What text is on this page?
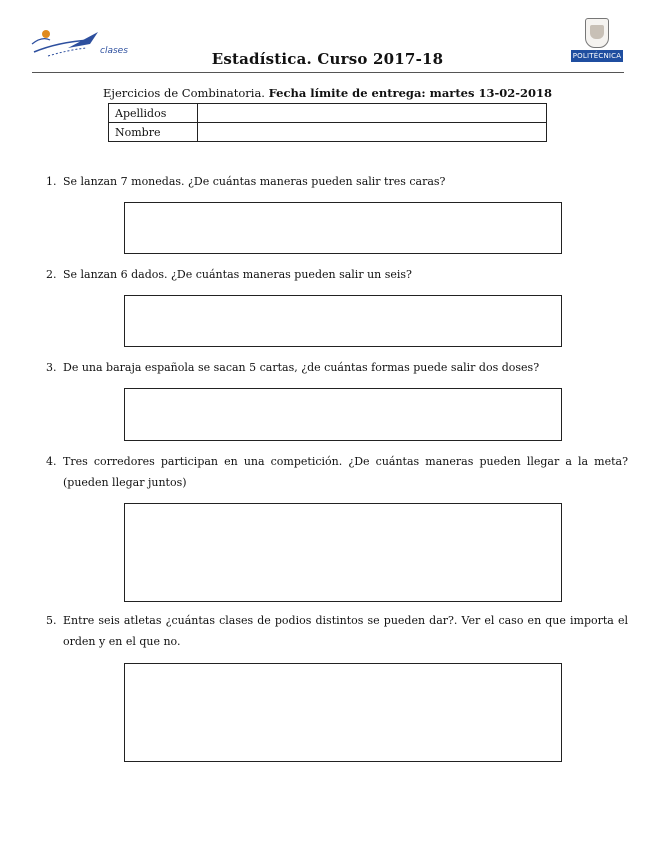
clases	Estadística. Curso 2017-18	POLITÉCNICA
Ejercicios de Combinatoria. Fecha límite de entrega: martes 13-02-2018
Apellidos	
Nombre	
1. Se lanzan 7 monedas. ¿De cuántas maneras pueden salir tres caras?
2. Se lanzan 6 dados. ¿De cuántas maneras pueden salir un seis?
3. De una baraja española se sacan 5 cartas, ¿de cuántas formas puede salir dos doses?
4. Tres corredores participan en una competición. ¿De cuántas maneras pueden llegar a la meta? (pueden llegar juntos)
5. Entre seis atletas ¿cuántas clases de podios distintos se pueden dar?. Ver el caso en que importa el orden y en el que no.
